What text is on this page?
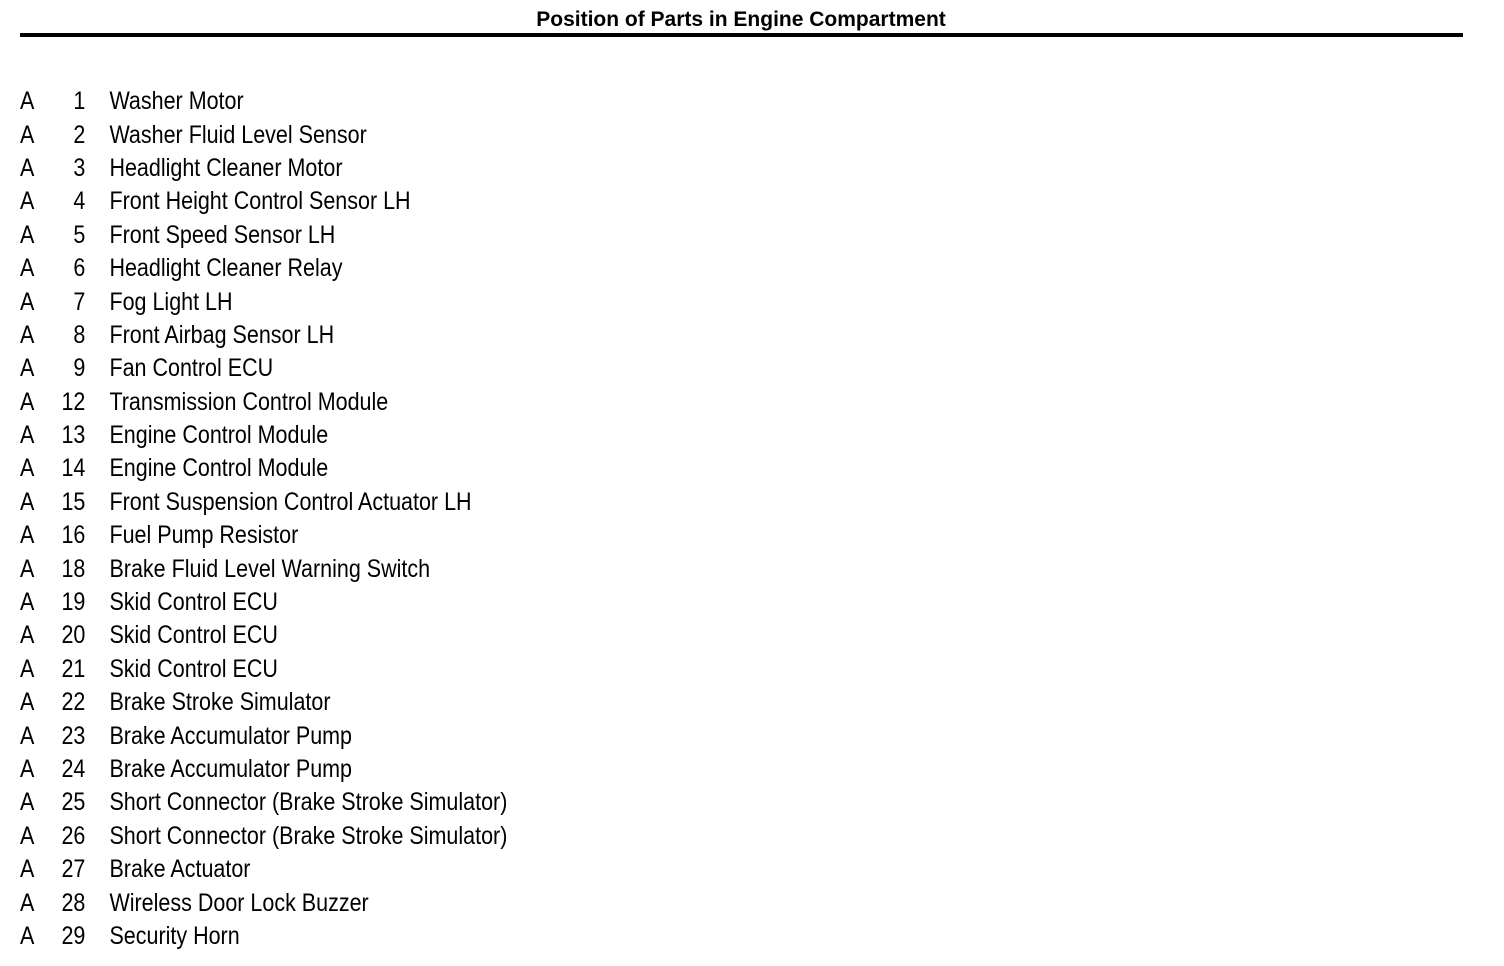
Position of Parts in Engine Compartment
A	1 Washer Motor
A	2 Washer Fluid Level Sensor
A	3 Headlight Cleaner Motor
A	4 Front Height Control Sensor LH
A	5 Front Speed Sensor LH
A	6 Headlight Cleaner Relay
A	7 Fog Light LH
A	8 Front Airbag Sensor LH
A	9 Fan Control ECU
A	12 Transmission Control Module
A	13 Engine Control Module
A	14 Engine Control Module
A	15 Front Suspension Control Actuator LH
A	16 Fuel Pump Resistor
A	18 Brake Fluid Level Warning Switch
A	19 Skid Control ECU
A	20 Skid Control ECU
A	21 Skid Control ECU
A	22 Brake Stroke Simulator
A	23 Brake Accumulator Pump
A	24 Brake Accumulator Pump
A	25 Short Connector (Brake Stroke Simulator)
A	26 Short Connector (Brake Stroke Simulator)
A	27 Brake Actuator
A	28 Wireless Door Lock Buzzer
A	29 Security Horn
